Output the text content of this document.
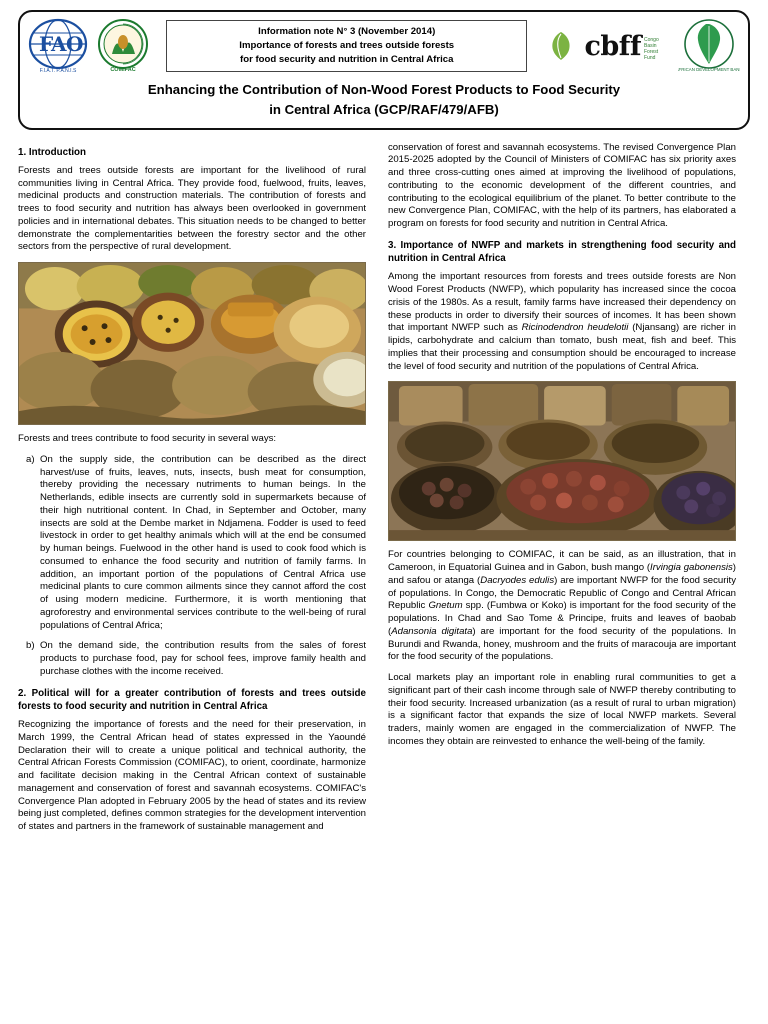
F
A O
F.I.A.T. P.A.N.I.S	COMIFAC
Information note N° 3 (November 2014)
Importance of forests and trees outside forests
for food security and nutrition in Central Africa	cbff Congo
Basin
Forest
Fund
AFRICAN DEVELOPMENT BANK
Enhancing the Contribution of Non-Wood Forest Products to Food Security
in Central Africa (GCP/RAF/479/AFB)
1. Introduction

Forests and trees outside forests are important for the livelihood of rural communities living in Central Africa. They provide food, fuelwood, fruits, leaves, medicinal products and construction materials. The contribution of forests and trees to food security and nutrition has always been overlooked in government policies and in international debates. This situation needs to be changed to better demonstrate the complementarities between the forestry sector and the other sectors from the perspective of rural development.

Forests and trees contribute to food security in several ways:

a) On the supply side, the contribution can be described as the direct harvest/use of fruits, leaves, nuts, insects, bush meat for consumption, thereby providing the necessary nutriments to human beings. In the Netherlands, edible insects are currently sold in supermarkets because of their high nutritional content. In Chad, in September and October, many insects are sold at the Dembe market in Ndjamena. Fodder is used to feed livestock in order to get healthy animals which will at the end be consumed by human beings. Fuelwood in the other hand is used to cook food which is consumed to enhance the food security and nutrition of family farms. In addition, an important portion of the populations of Central Africa use medicinal plants to cure common ailments since they cannot afford the cost of using modern medicine. Furthermore, it is worth mentioning that agroforestry and environmental services contribute to the well-being of rural populations of Central Africa;
b) On the demand side, the contribution results from the sales of forest products to purchase food, pay for school fees, improve family health and purchase clothes with the income received.
2. Political will for a greater contribution of forests and trees outside forests to food security and nutrition in Central Africa

Recognizing the importance of forests and the need for their preservation, in March 1999, the Central African head of states expressed in the Yaoundé Declaration their will to create a unique political and technical authority, the Central African Forests Commission (COMIFAC), to orient, coordinate, harmonize and facilitate decision making in the Central African context of sustainable management and conservation of forest and savannah ecosystems. COMIFAC's Convergence Plan adopted in February 2005 by the head of states and its review being just completed, defines common strategies for the development intervention of states and partners in the framework of sustainable management and

conservation of forest and savannah ecosystems. The revised Convergence Plan 2015-2025 adopted by the Council of Ministers of COMIFAC has six priority axes and three cross-cutting ones aimed at improving the livelihood of populations, contributing to the economic development of the different countries, and contributing to the ecological equilibrium of the planet. To better contribute to the new Convergence Plan, COMIFAC, with the help of its partners, has elaborated a program on forests for food security and nutrition in Central Africa.

3. Importance of NWFP and markets in strengthening food security and nutrition in Central Africa

Among the important resources from forests and trees outside forests are Non Wood Forest Products (NWFP), which popularity has increased since the cocoa crisis of the 1980s. As a result, family farms have increased their dependency on these products in order to diversify their sources of incomes. It has been shown that important NWFP such as Ricinodendron heudelotii (Njansang) are richer in lipids, carbohydrate and calcium than tomato, bush meat, fish and beef. This implies that their processing and consumption should be encouraged to increase the level of food security and nutrition of the populations of Central Africa.

For countries belonging to COMIFAC, it can be said, as an illustration, that in Cameroon, in Equatorial Guinea and in Gabon, bush mango (Irvingia gabonensis) and safou or atanga (Dacryodes edulis) are important NWFP for the food security of populations. In Congo, the Democratic Republic of Congo and Central African Republic Gnetum spp. (Fumbwa or Koko) is important for the food security of the populations. In Chad and Sao Tome & Principe, fruits and leaves of baobab (Adansonia digitata) are important for the food security of the populations. In Burundi and Rwanda, honey, mushroom and the fruits of maracouja are important for the food security of the populations.

Local markets play an important role in enabling rural communities to get a significant part of their cash income through sale of NWFP thereby contributing to their food security. Increased urbanization (as a result of rural to urban migration) is a significant factor that expands the size of local NWFP markets. Several traders, mainly women are engaged in the commercialization of NWFP. The incomes they obtain are reinvested to enhance the well-being of the family.
